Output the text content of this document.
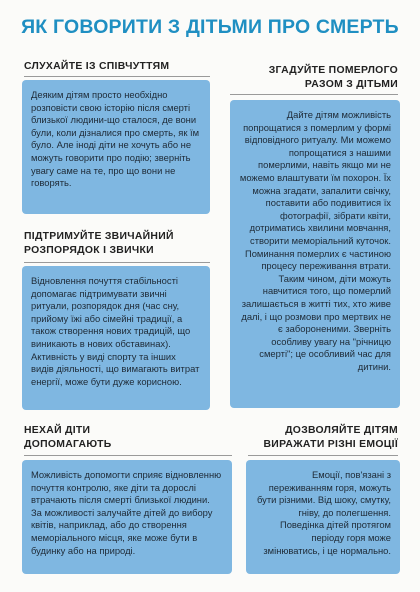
ЯК ГОВОРИТИ З ДІТЬМИ ПРО СМЕРТЬ
СЛУХАЙТЕ ІЗ СПІВЧУТТЯМ
Деяким дітям просто необхідно розповісти свою історію після смерті близької людини-що сталося, де вони були, коли дізналися про смерть, як їм було. Але іноді діти не хочуть або не можуть говорити про подію; зверніть увагу саме на те, про що вони не говорять.
ЗГАДУЙТЕ ПОМЕРЛОГО
РАЗОМ З ДІТЬМИ
Дайте дітям можливість попрощатися з померлим у формі відповідного ритуалу. Ми можемо попрощатися з нашими померлими, навіть якщо ми не можемо влаштувати їм похорон. Їх можна згадати, запалити свічку, поставити або подивитися їх фотографії, зібрати квіти, дотриматись хвилини мовчання, створити меморіальний куточок. Поминання померлих є частиною процесу переживання втрати. Таким чином, діти можуть навчитися того, що померлий залишається в житті тих, хто живе далі, і що розмови про мертвих не є забороненими. Зверніть особливу увагу на "річницю смерті"; це особливий час для дитини.
ПІДТРИМУЙТЕ ЗВИЧАЙНИЙ
РОЗПОРЯДОК І ЗВИЧКИ
Відновлення почуття стабільності допомагає підтримувати звичні ритуали, розпорядок дня (час сну, прийому їжі або сімейні традиції, а також створення нових традицій, що виникають в нових обставинах). Активність у виді спорту та інших видів діяльності, що вимагають витрат енергії, може бути дуже корисною.
НЕХАЙ ДІТИ
ДОПОМАГАЮТЬ
Можливість допомогти сприяє відновленню почуття контролю, яке діти та дорослі втрачають після смерті близької людини. За можливості залучайте дітей до вибору квітів, наприклад, або до створення меморіального місця, яке може бути в будинку або на природі.
ДОЗВОЛЯЙТЕ ДІТЯМ
ВИРАЖАТИ РІЗНІ ЕМОЦІЇ
Емоції, пов'язані з переживанням горя, можуть бути різними. Від шоку, смутку, гніву, до полегшення. Поведінка дітей протягом періоду горя може змінюватись, і це нормально.
